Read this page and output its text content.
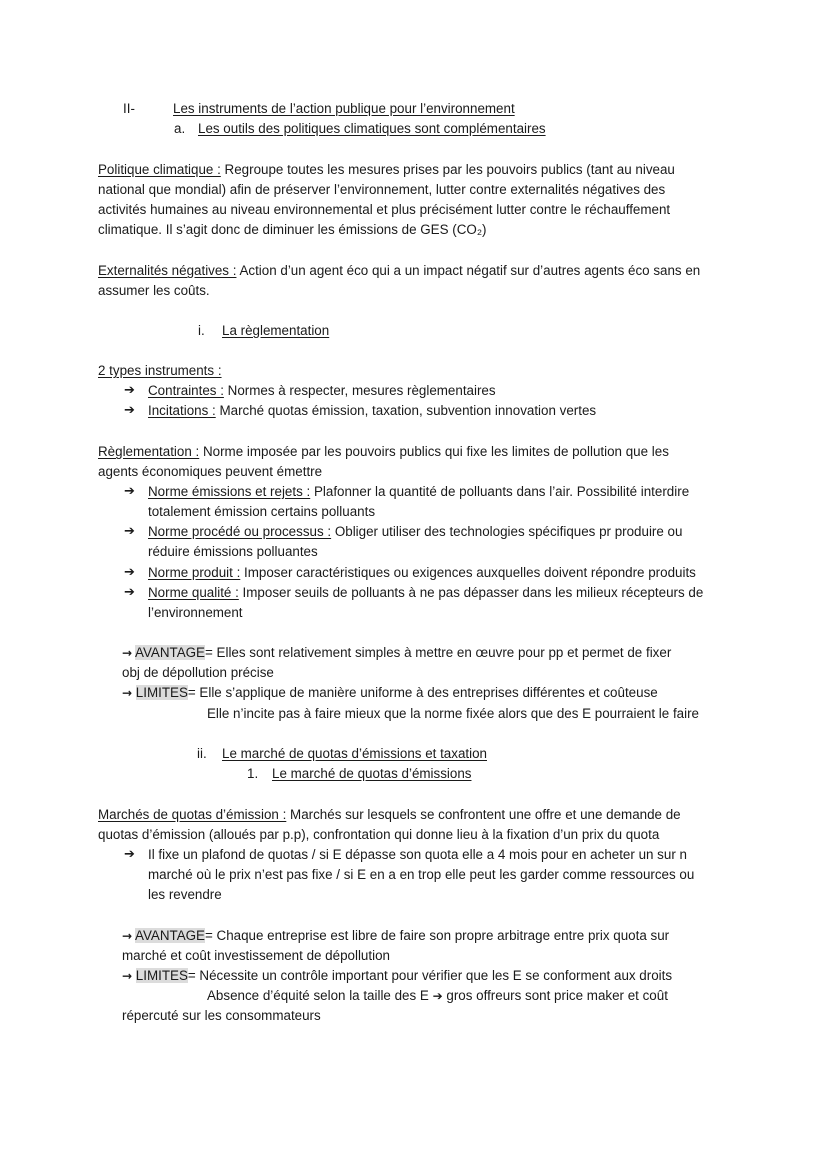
II-	Les instruments de l’action publique pour l’environnement
a. Les outils des politiques climatiques sont complémentaires
Politique climatique : Regroupe toutes les mesures prises par les pouvoirs publics (tant au niveau
national que mondial) afin de préserver l’environnement, lutter contre externalités négatives des
activités humaines au niveau environnemental et plus précisément lutter contre le réchauffement
climatique. Il s’agit donc de diminuer les émissions de GES (CO₂)
Externalités négatives : Action d’un agent éco qui a un impact négatif sur d’autres agents éco sans en
assumer les coûts.
i. La règlementation
2 types instruments :
➔ Contraintes : Normes à respecter, mesures règlementaires
➔ Incitations : Marché quotas émission, taxation, subvention innovation vertes
Règlementation : Norme imposée par les pouvoirs publics qui fixe les limites de pollution que les
agents économiques peuvent émettre
➔ Norme émissions et rejets : Plafonner la quantité de polluants dans l’air. Possibilité interdire
totalement émission certains polluants
➔ Norme procédé ou processus : Obliger utiliser des technologies spécifiques pr produire ou
réduire émissions polluantes
➔ Norme produit : Imposer caractéristiques ou exigences auxquelles doivent répondre produits
➔ Norme qualité : Imposer seuils de polluants à ne pas dépasser dans les milieux récepteurs de
l’environnement
→ AVANTAGE= Elles sont relativement simples à mettre en œuvre pour pp et permet de fixer
obj de dépollution précise
→ LIMITES= Elle s’applique de manière uniforme à des entreprises différentes et coûteuse
Elle n’incite pas à faire mieux que la norme fixée alors que des E pourraient le faire
ii. Le marché de quotas d’émissions et taxation
1. Le marché de quotas d’émissions
Marchés de quotas d’émission : Marchés sur lesquels se confrontent une offre et une demande de
quotas d’émission (alloués par p.p), confrontation qui donne lieu à la fixation d’un prix du quota
➔ Il fixe un plafond de quotas / si E dépasse son quota elle a 4 mois pour en acheter un sur n
marché où le prix n’est pas fixe / si E en a en trop elle peut les garder comme ressources ou
les revendre
→ AVANTAGE= Chaque entreprise est libre de faire son propre arbitrage entre prix quota sur
marché et coût investissement de dépollution
→ LIMITES= Nécessite un contrôle important pour vérifier que les E se conforment aux droits
Absence d’équité selon la taille des E ➔ gros offreurs sont price maker et coût
répercuté sur les consommateurs
